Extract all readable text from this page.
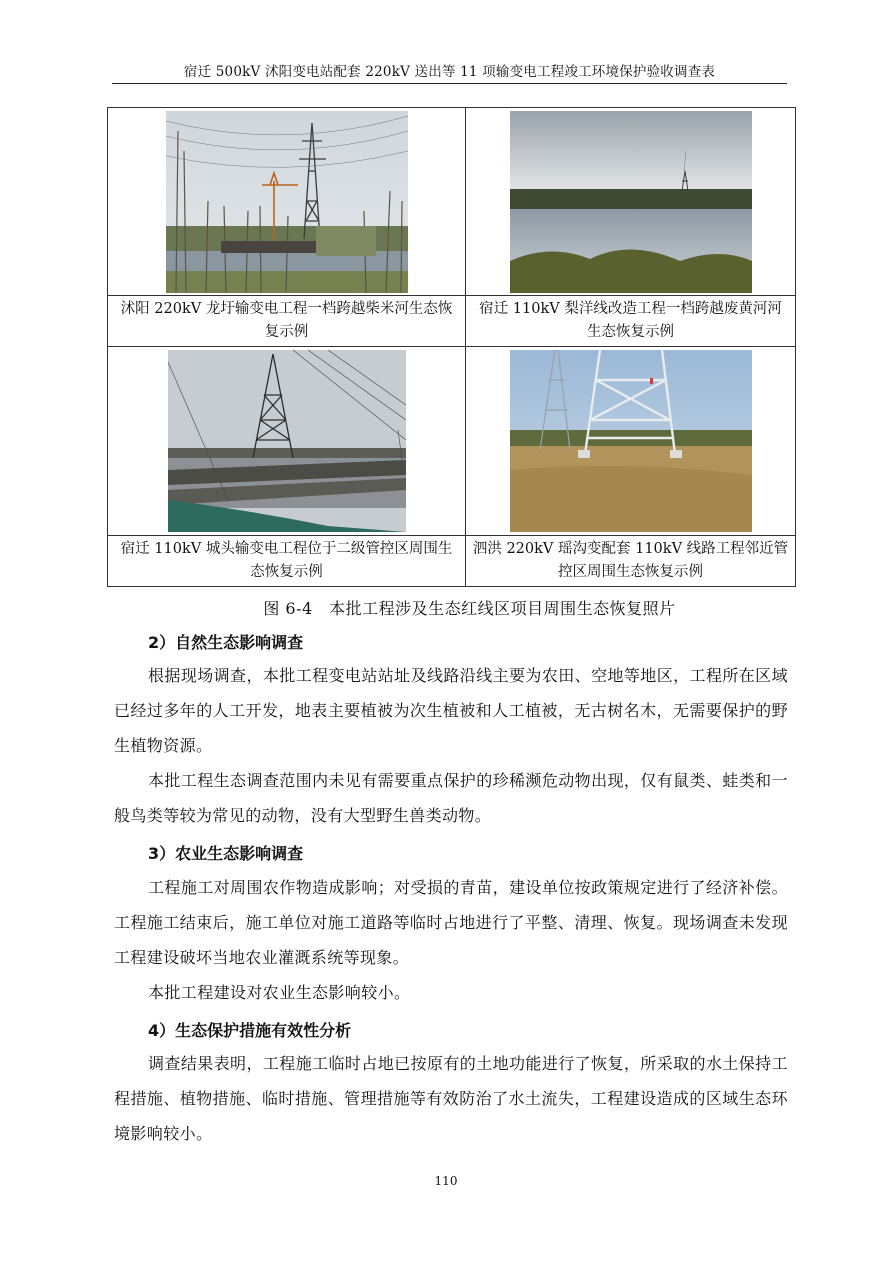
宿迁 500kV 沭阳变电站配套 220kV 送出等 11 项输变电工程竣工环境保护验收调查表

沭阳 220kV 龙圩输变电工程一档跨越柴米河生态恢复示例	宿迁 110kV 梨洋线改造工程一档跨越废黄河河生态恢复示例

宿迁 110kV 城头输变电工程位于二级管控区周围生态恢复示例	泗洪 220kV 瑶沟变配套 110kV 线路工程邻近管控区周围生态恢复示例
图 6-4　本批工程涉及生态红线区项目周围生态恢复照片
2）自然生态影响调查

根据现场调查，本批工程变电站站址及线路沿线主要为农田、空地等地区，工程所在区域已经过多年的人工开发，地表主要植被为次生植被和人工植被，无古树名木，无需要保护的野生植物资源。

本批工程生态调查范围内未见有需要重点保护的珍稀濒危动物出现，仅有鼠类、蛙类和一般鸟类等较为常见的动物，没有大型野生兽类动物。

3）农业生态影响调查

工程施工对周围农作物造成影响；对受损的青苗，建设单位按政策规定进行了经济补偿。工程施工结束后，施工单位对施工道路等临时占地进行了平整、清理、恢复。现场调查未发现工程建设破坏当地农业灌溉系统等现象。

本批工程建设对农业生态影响较小。

4）生态保护措施有效性分析

调查结果表明，工程施工临时占地已按原有的土地功能进行了恢复，所采取的水土保持工程措施、植物措施、临时措施、管理措施等有效防治了水土流失，工程建设造成的区域生态环境影响较小。

110
